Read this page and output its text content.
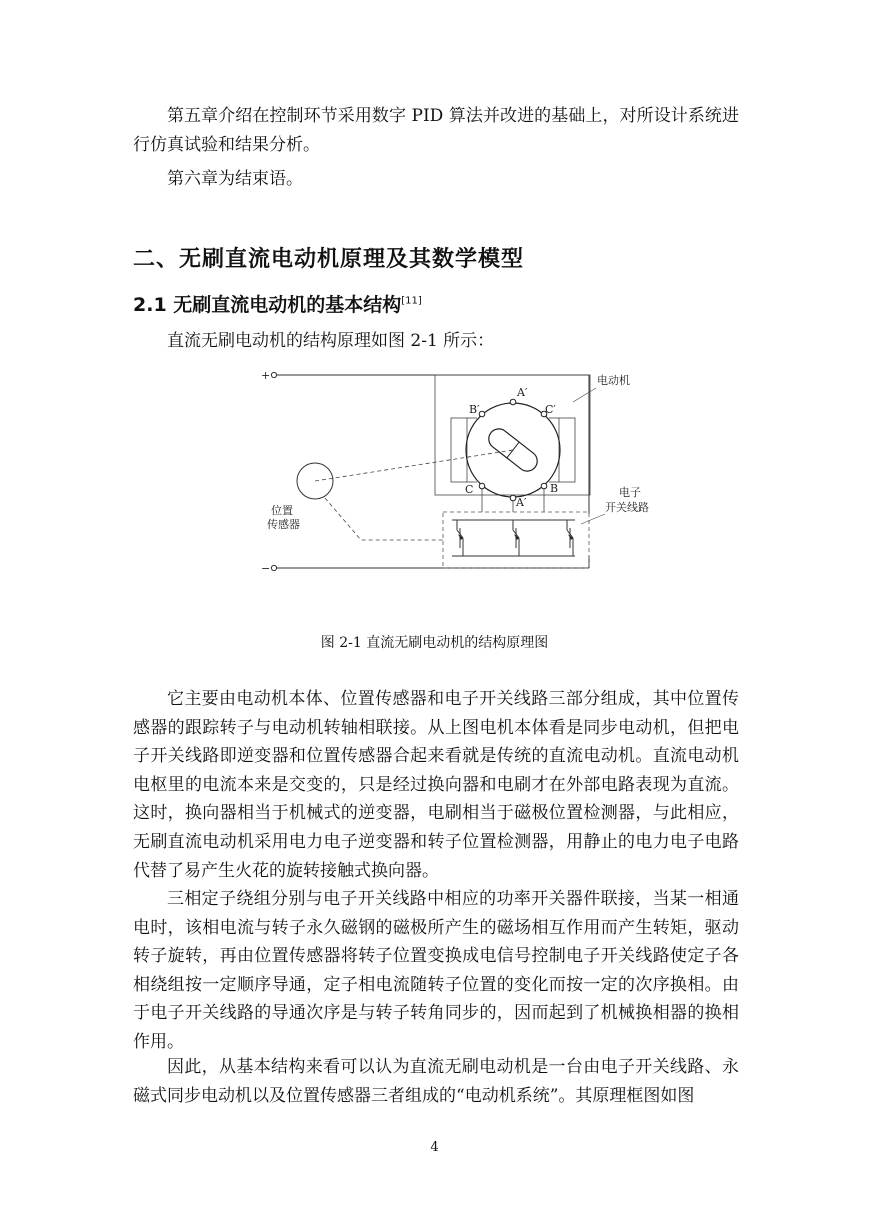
第五章介绍在控制环节采用数字 PID 算法并改进的基础上，对所设计系统进行仿真试验和结果分析。

第六章为结束语。

二、无刷直流电动机原理及其数学模型
2.1 无刷直流电动机的基本结构[11]

直流无刷电动机的结构原理如图 2-1 所示：

+
−
电动机
A′
B′	C′
C	B
A′
位置
传感器
电子
开关线路

图 2-1 直流无刷电动机的结构原理图

它主要由电动机本体、位置传感器和电子开关线路三部分组成，其中位置传感器的跟踪转子与电动机转轴相联接。从上图电机本体看是同步电动机，但把电子开关线路即逆变器和位置传感器合起来看就是传统的直流电动机。直流电动机电枢里的电流本来是交变的，只是经过换向器和电刷才在外部电路表现为直流。这时，换向器相当于机械式的逆变器，电刷相当于磁极位置检测器，与此相应，无刷直流电动机采用电力电子逆变器和转子位置检测器，用静止的电力电子电路代替了易产生火花的旋转接触式换向器。

三相定子绕组分别与电子开关线路中相应的功率开关器件联接，当某一相通电时，该相电流与转子永久磁钢的磁极所产生的磁场相互作用而产生转矩，驱动转子旋转，再由位置传感器将转子位置变换成电信号控制电子开关线路使定子各相绕组按一定顺序导通，定子相电流随转子位置的变化而按一定的次序换相。由于电子开关线路的导通次序是与转子转角同步的，因而起到了机械换相器的换相作用。

因此，从基本结构来看可以认为直流无刷电动机是一台由电子开关线路、永磁式同步电动机以及位置传感器三者组成的“电动机系统”。其原理框图如图

4
